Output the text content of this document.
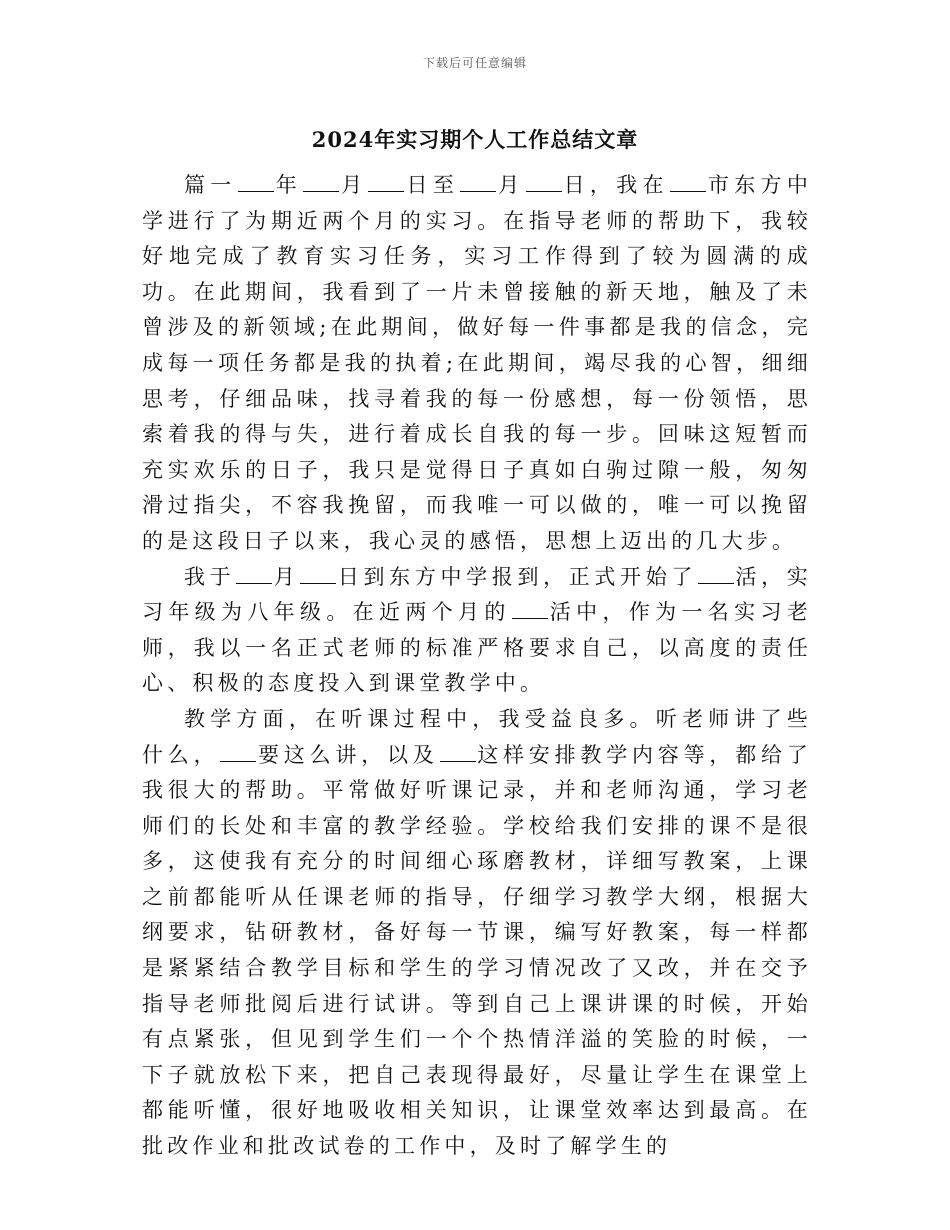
下载后可任意编辑
2024年实习期个人工作总结文章

篇一 年 月 日至 月 日，我在 市东方中学进行了为期近两个月的实习。在指导老师的帮助下，我较好地完成了教育实习任务，实习工作得到了较为圆满的成功。在此期间，我看到了一片未曾接触的新天地，触及了未曾涉及的新领域;在此期间，做好每一件事都是我的信念，完成每一项任务都是我的执着;在此期间，竭尽我的心智，细细思考，仔细品味，找寻着我的每一份感想，每一份领悟，思索着我的得与失，进行着成长自我的每一步。回味这短暂而充实欢乐的日子，我只是觉得日子真如白驹过隙一般，匆匆滑过指尖，不容我挽留，而我唯一可以做的，唯一可以挽留的是这段日子以来，我心灵的感悟，思想上迈出的几大步。

我于 月 日到东方中学报到，正式开始了 活，实习年级为八年级。在近两个月的 活中，作为一名实习老师，我以一名正式老师的标准严格要求自己，以高度的责任心、积极的态度投入到课堂教学中。

教学方面，在听课过程中，我受益良多。听老师讲了些什么， 要这么讲，以及 这样安排教学内容等，都给了我很大的帮助。平常做好听课记录，并和老师沟通，学习老师们的长处和丰富的教学经验。学校给我们安排的课不是很多，这使我有充分的时间细心琢磨教材，详细写教案，上课之前都能听从任课老师的指导，仔细学习教学大纲，根据大纲要求，钻研教材，备好每一节课，编写好教案，每一样都是紧紧结合教学目标和学生的学习情况改了又改，并在交予指导老师批阅后进行试讲。等到自己上课讲课的时候，开始有点紧张，但见到学生们一个个热情洋溢的笑脸的时候，一下子就放松下来，把自己表现得最好，尽量让学生在课堂上都能听懂，很好地吸收相关知识，让课堂效率达到最高。在批改作业和批改试卷的工作中，及时了解学生的
